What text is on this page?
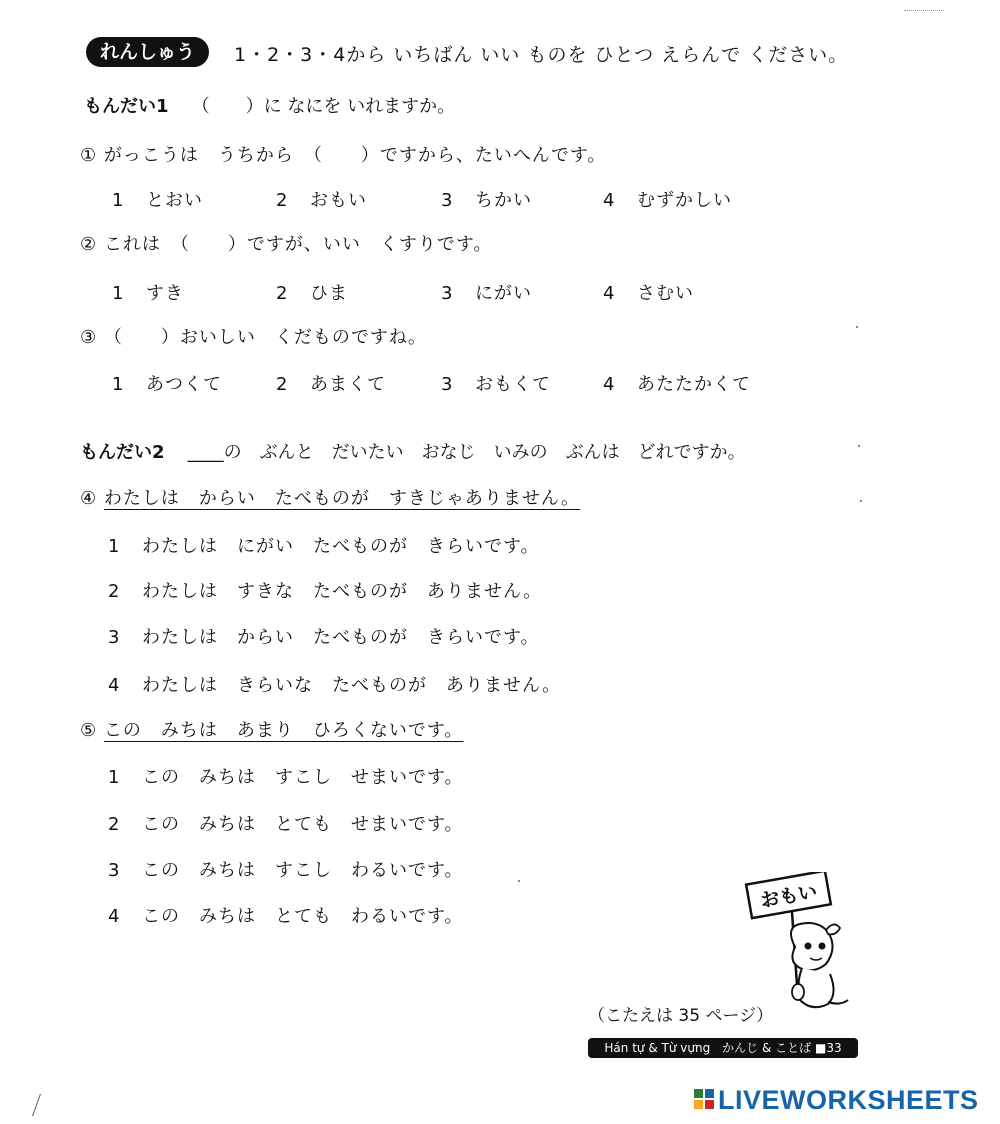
れんしゅう	1・2・3・4から いちばん いい ものを ひとつ えらんで ください。
もんだい1 （　　）に なにを いれますか。
① がっこうは　うちから　（　　）ですから、たいへんです。
1 とおい	2 おもい	3 ちかい	4 むずかしい
② これは　（　　）ですが、いい　くすりです。
1 すき	2 ひま	3 にがい	4 さむい
③ （　　）おいしい　くだものですね。
1 あつくて	2 あまくて	3 おもくて	4 あたたかくて
もんだい2 ____の　ぶんと　だいたい　おなじ　いみの　ぶんは　どれですか。
④ わたしは　からい　たべものが　すきじゃありません。
1 わたしは　にがい　たべものが　きらいです。
2 わたしは　すきな　たべものが　ありません。
3 わたしは　からい　たべものが　きらいです。
4 わたしは　きらいな　たべものが　ありません。
⑤ この　みちは　あまり　ひろくないです。
1 この　みちは　すこし　せまいです。
2 この　みちは　とても　せまいです。
3 この　みちは　すこし　わるいです。
4 この　みちは　とても　わるいです。
おもい
（こたえは 35 ページ）
Hán tự & Từ vựng　かんじ & ことば ■33
LIVEWORKSHEETS
